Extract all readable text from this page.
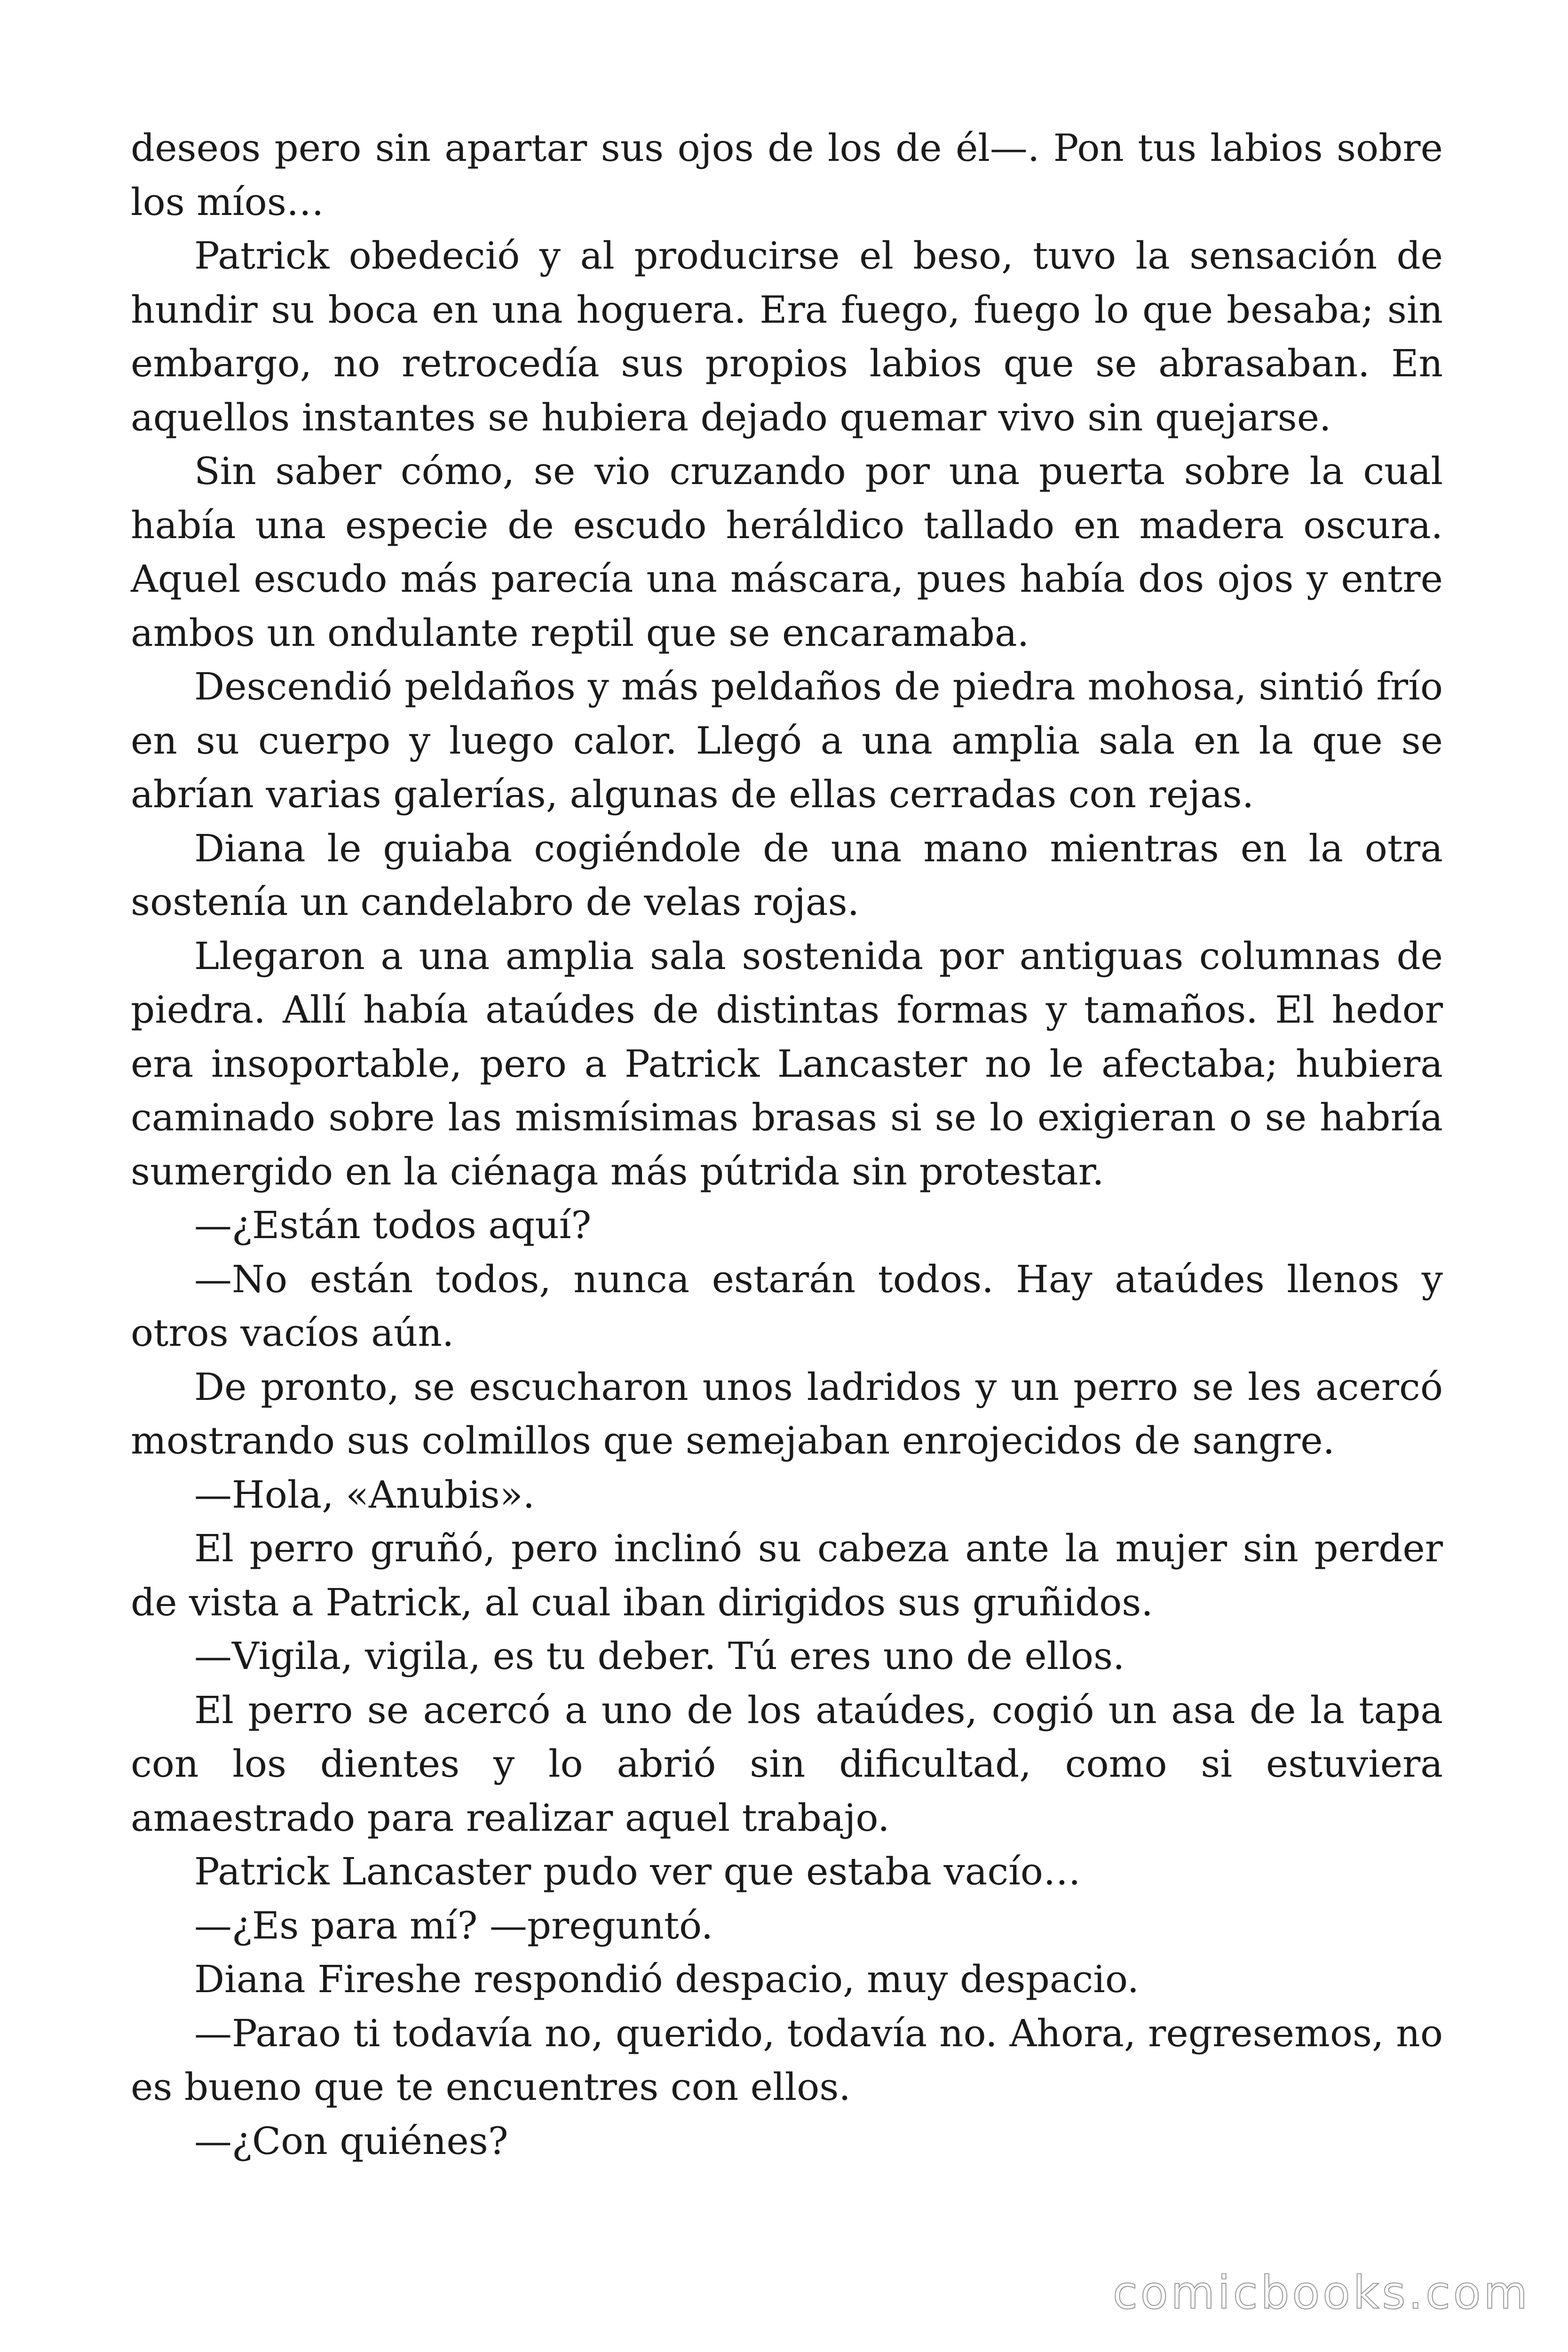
deseos pero sin apartar sus ojos de los de él—. Pon tus labios sobre los míos…

Patrick obedeció y al producirse el beso, tuvo la sensación de hundir su boca en una hoguera. Era fuego, fuego lo que besaba; sin embargo, no retrocedía sus propios labios que se abrasaban. En aquellos instantes se hubiera dejado quemar vivo sin quejarse.

Sin saber cómo, se vio cruzando por una puerta sobre la cual había una especie de escudo heráldico tallado en madera oscura. Aquel escudo más parecía una máscara, pues había dos ojos y entre ambos un ondulante reptil que se encaramaba.

Descendió peldaños y más peldaños de piedra mohosa, sintió frío en su cuerpo y luego calor. Llegó a una amplia sala en la que se abrían varias galerías, algunas de ellas cerradas con rejas.

Diana le guiaba cogiéndole de una mano mientras en la otra sostenía un candelabro de velas rojas.

Llegaron a una amplia sala sostenida por antiguas columnas de piedra. Allí había ataúdes de distintas formas y tamaños. El hedor era insoportable, pero a Patrick Lancaster no le afectaba; hubiera caminado sobre las mismísimas brasas si se lo exigieran o se habría sumergido en la ciénaga más pútrida sin protestar.

—¿Están todos aquí?

—No están todos, nunca estarán todos. Hay ataúdes llenos y otros vacíos aún.

De pronto, se escucharon unos ladridos y un perro se les acercó mostrando sus colmillos que semejaban enrojecidos de sangre.

—Hola, «Anubis».

El perro gruñó, pero inclinó su cabeza ante la mujer sin perder de vista a Patrick, al cual iban dirigidos sus gruñidos.

—Vigila, vigila, es tu deber. Tú eres uno de ellos.

El perro se acercó a uno de los ataúdes, cogió un asa de la tapa con los dientes y lo abrió sin dificultad, como si estuviera amaestrado para realizar aquel trabajo.

Patrick Lancaster pudo ver que estaba vacío…

—¿Es para mí? —preguntó.

Diana Fireshe respondió despacio, muy despacio.

—Parao ti todavía no, querido, todavía no. Ahora, regresemos, no es bueno que te encuentres con ellos.

—¿Con quiénes?

comicbooks.com
